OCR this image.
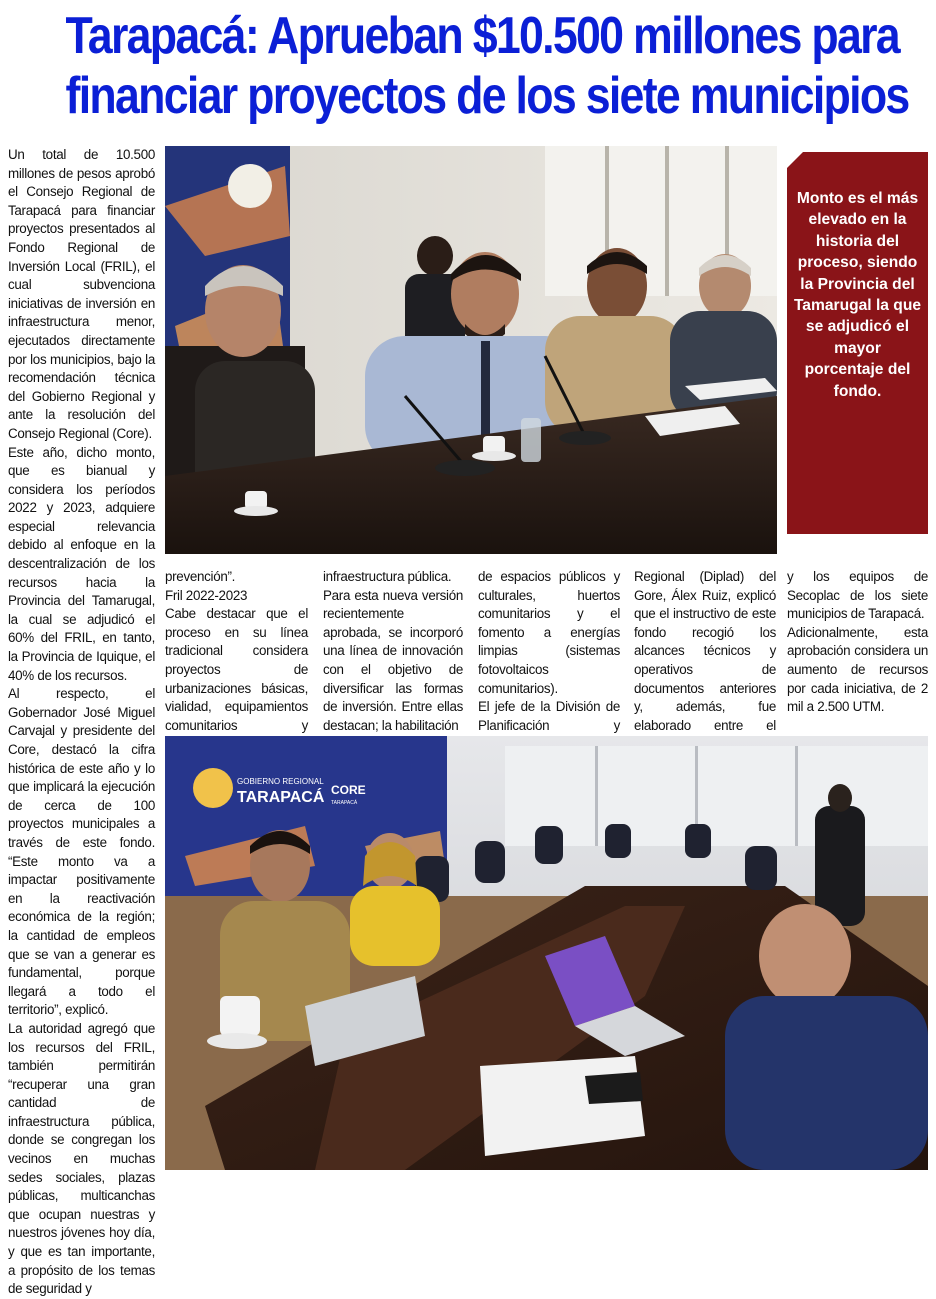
Tarapacá: Aprueban $10.500 millones para
financiar proyectos de los siete municipios

Un total de 10.500 millones de pesos aprobó el Consejo Regional de Tarapacá para financiar proyectos presentados al Fondo Regional de Inversión Local (FRIL), el cual subvenciona iniciativas de inversión en infraestructura menor, ejecutados directamente por los municipios, bajo la recomendación técnica del Gobierno Regional y ante la resolución del Consejo Regional (Core).

Este año, dicho monto, que es bianual y considera los períodos 2022 y 2023, adquiere especial relevancia debido al enfoque en la descentralización de los recursos hacia la Provincia del Tamarugal, la cual se adjudicó el 60% del FRIL, en tanto, la Provincia de Iquique, el 40% de los recursos.

Al respecto, el Gobernador José Miguel Carvajal y presidente del Core, destacó la cifra histórica de este año y lo que implicará la ejecución de cerca de 100 proyectos municipales a través de este fondo. “Este monto va a impactar positivamente en la reactivación económica de la región; la cantidad de empleos que se van a generar es fundamental, porque llegará a todo el territorio”, explicó.

La autoridad agregó que los recursos del FRIL, también permitirán “recuperar una gran cantidad de infraestructura pública, donde se congregan los vecinos en muchas sedes sociales, plazas públicas, multicanchas que ocupan nuestras y nuestros jóvenes hoy día, y que es tan importante, a propósito de los temas de seguridad y

Monto es el más elevado en la historia del proceso, siendo la Provincia del Tamarugal la que se adjudicó el mayor porcentaje del fondo.

prevención”.

Fril 2022-2023

Cabe destacar que el proceso en su línea tradicional considera proyectos de urbanizaciones básicas, vialidad, equipamientos comunitarios y

infraestructura pública.

Para esta nueva versión recientemente aprobada, se incorporó una línea de innovación con el objetivo de diversificar las formas de inversión. Entre ellas destacan; la habilitación

de espacios públicos y culturales, huertos comunitarios y el fomento a energías limpias (sistemas fotovoltaicos comunitarios).

El jefe de la División de Planificación y

Regional (Diplad) del Gore, Álex Ruiz, explicó que el instructivo de este fondo recogió los alcances técnicos y operativos de documentos anteriores y, además, fue elaborado entre el

y los equipos de Secoplac de los siete municipios de Tarapacá.

Adicionalmente, esta aprobación considera un aumento de recursos por cada iniciativa, de 2 mil a 2.500 UTM.

GOBIERNO REGIONAL
TARAPACÁ CORE
TARAPACÁ
